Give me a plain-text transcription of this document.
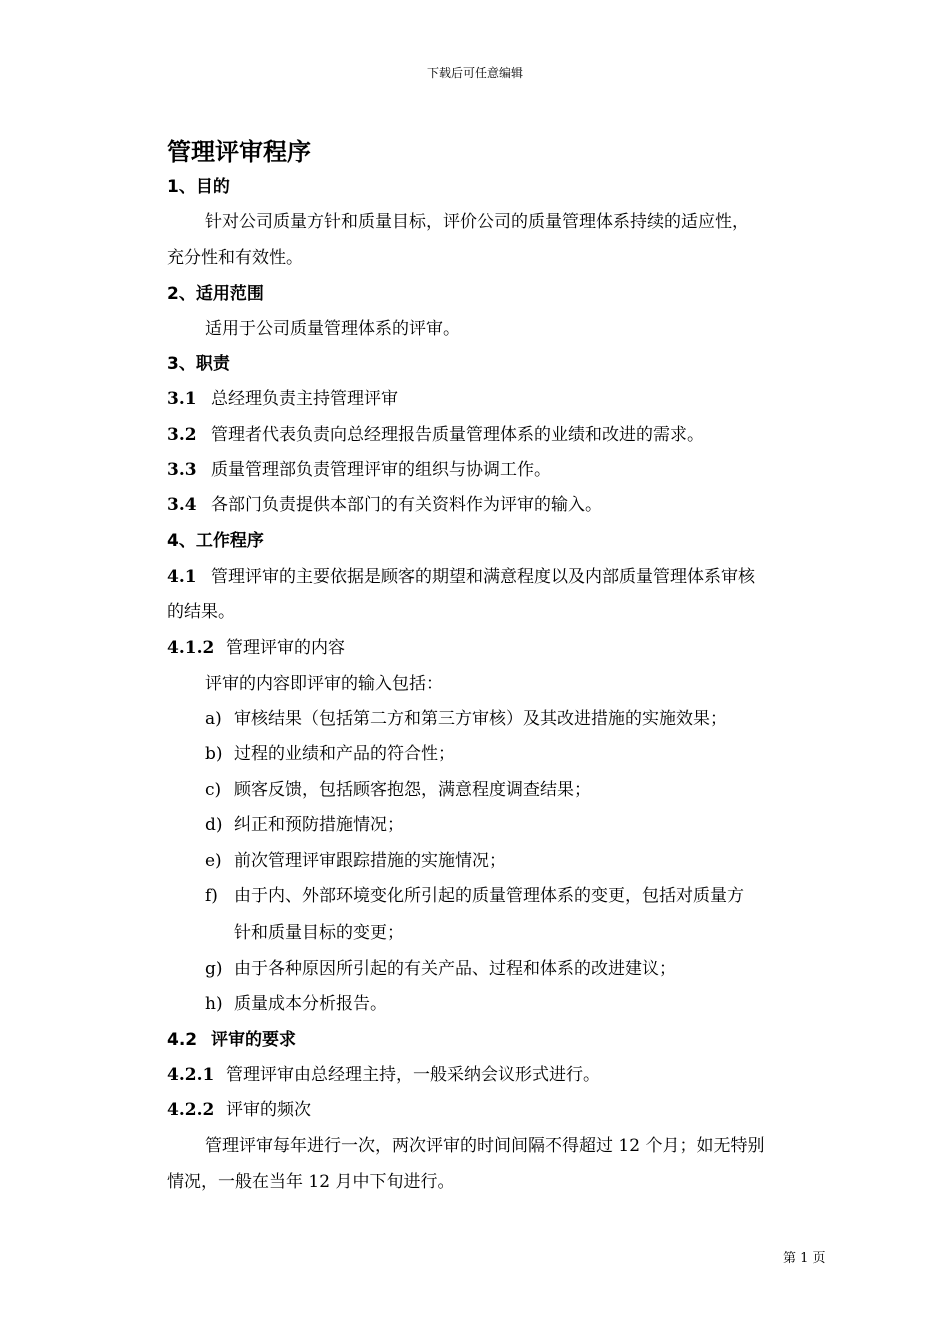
下载后可任意编辑
管理评审程序
1、目的
针对公司质量方针和质量目标，评价公司的质量管理体系持续的适应性，
充分性和有效性。
2、适用范围
适用于公司质量管理体系的评审。
3、职责
3.1 总经理负责主持管理评审
3.2 管理者代表负责向总经理报告质量管理体系的业绩和改进的需求。
3.3 质量管理部负责管理评审的组织与协调工作。
3.4 各部门负责提供本部门的有关资料作为评审的输入。
4、工作程序
4.1 管理评审的主要依据是顾客的期望和满意程度以及内部质量管理体系审核
的结果。
4.1.2 管理评审的内容
评审的内容即评审的输入包括：
a) 审核结果（包括第二方和第三方审核）及其改进措施的实施效果；
b) 过程的业绩和产品的符合性；
c) 顾客反馈，包括顾客抱怨，满意程度调查结果；
d) 纠正和预防措施情况；
e) 前次管理评审跟踪措施的实施情况；
f) 由于内、外部环境变化所引起的质量管理体系的变更，包括对质量方
针和质量目标的变更；
g) 由于各种原因所引起的有关产品、过程和体系的改进建议；
h) 质量成本分析报告。
4.2 评审的要求
4.2.1 管理评审由总经理主持，一般采纳会议形式进行。
4.2.2 评审的频次
管理评审每年进行一次，两次评审的时间间隔不得超过 12 个月；如无特别
情况，一般在当年 12 月中下旬进行。
第 1 页
